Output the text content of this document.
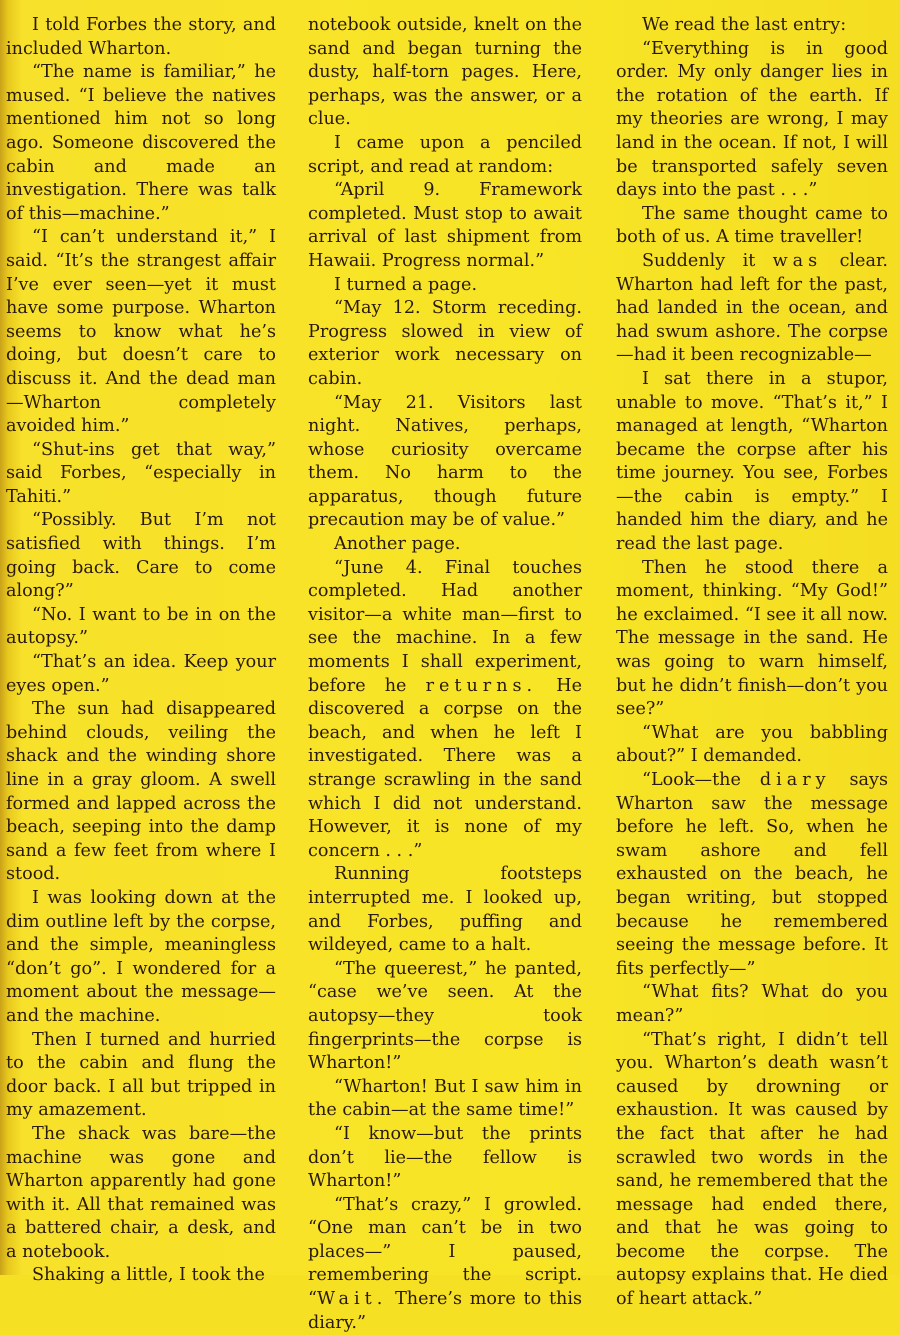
I told Forbes the story, and included Wharton.

“The name is familiar,” he mused. “I believe the natives mentioned him not so long ago. Someone discovered the cabin and made an investigation. There was talk of this—machine.”

“I can’t understand it,” I said. “It’s the strangest affair I’ve ever seen—yet it must have some purpose. Wharton seems to know what he’s doing, but doesn’t care to discuss it. And the dead man—Wharton completely avoided him.”

“Shut-ins get that way,” said Forbes, “especially in Tahiti.”

“Possibly. But I’m not satisfied with things. I’m going back. Care to come along?”

“No. I want to be in on the autopsy.”

“That’s an idea. Keep your eyes open.”

The sun had disappeared behind clouds, veiling the shack and the winding shore line in a gray gloom. A swell formed and lapped across the beach, seeping into the damp sand a few feet from where I stood.

I was looking down at the dim outline left by the corpse, and the simple, meaningless “don’t go”. I wondered for a moment about the message—and the machine.

Then I turned and hurried to the cabin and flung the door back. I all but tripped in my amazement.

The shack was bare—the machine was gone and Wharton apparently had gone with it. All that remained was a battered chair, a desk, and a notebook.

Shaking a little, I took the

notebook outside, knelt on the sand and began turning the dusty, half-torn pages. Here, perhaps, was the answer, or a clue.

I came upon a penciled script, and read at random:

“April 9. Framework completed. Must stop to await arrival of last shipment from Hawaii. Progress normal.”

I turned a page.

“May 12. Storm receding. Progress slowed in view of exterior work necessary on cabin.

“May 21. Visitors last night. Natives, perhaps, whose curiosity overcame them. No harm to the apparatus, though future precaution may be of value.”

Another page.

“June 4. Final touches completed. Had another visitor—a white man—first to see the machine. In a few moments I shall experiment, before he returns. He discovered a corpse on the beach, and when he left I investigated. There was a strange scrawling in the sand which I did not understand. However, it is none of my concern . . .”

Running footsteps interrupted me. I looked up, and Forbes, puffing and wildeyed, came to a halt.

“The queerest,” he panted, “case we’ve seen. At the autopsy—they took fingerprints—the corpse is Wharton!”

“Wharton! But I saw him in the cabin—at the same time!”

“I know—but the prints don’t lie—the fellow is Wharton!”

“That’s crazy,” I growled. “One man can’t be in two places—” I paused, remembering the script. “Wait. There’s more to this diary.”

We read the last entry:

“Everything is in good order. My only danger lies in the rotation of the earth. If my theories are wrong, I may land in the ocean. If not, I will be transported safely seven days into the past . . .”

The same thought came to both of us. A time traveller!

Suddenly it was clear. Wharton had left for the past, had landed in the ocean, and had swum ashore. The corpse—had it been recognizable—

I sat there in a stupor, unable to move. “That’s it,” I managed at length, “Wharton became the corpse after his time journey. You see, Forbes—the cabin is empty.” I handed him the diary, and he read the last page.

Then he stood there a moment, thinking. “My God!” he exclaimed. “I see it all now. The message in the sand. He was going to warn himself, but he didn’t finish—don’t you see?”

“What are you babbling about?” I demanded.

“Look—the diary says Wharton saw the message before he left. So, when he swam ashore and fell exhausted on the beach, he began writing, but stopped because he remembered seeing the message before. It fits perfectly—”

“What fits? What do you mean?”

“That’s right, I didn’t tell you. Wharton’s death wasn’t caused by drowning or exhaustion. It was caused by the fact that after he had scrawled two words in the sand, he remembered that the message had ended there, and that he was going to become the corpse. The autopsy explains that. He died of heart attack.”
